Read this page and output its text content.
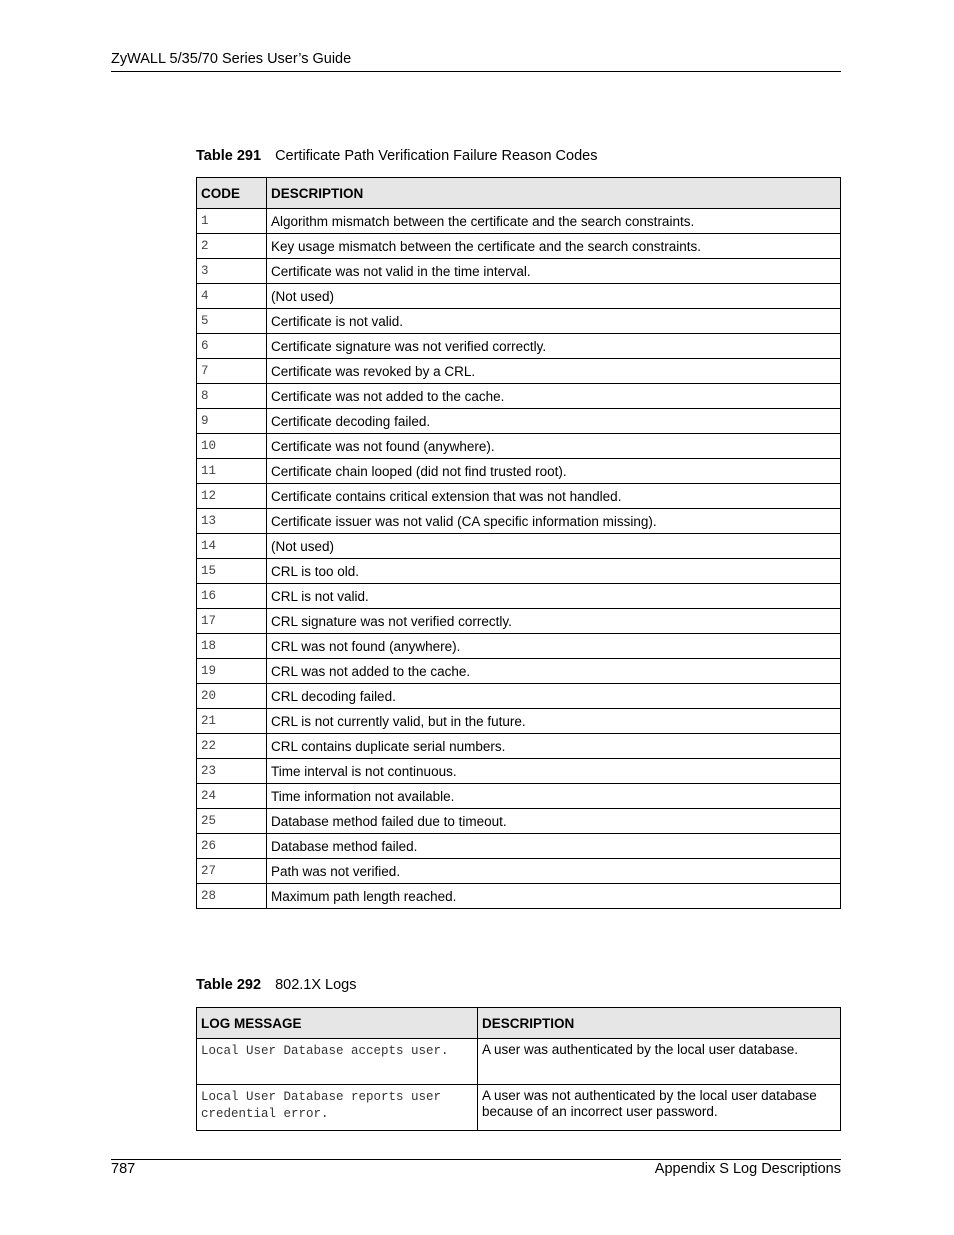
ZyWALL 5/35/70 Series User’s Guide
Table 291 Certificate Path Verification Failure Reason Codes
CODE	DESCRIPTION
1	Algorithm mismatch between the certificate and the search constraints.
2	Key usage mismatch between the certificate and the search constraints.
3	Certificate was not valid in the time interval.
4	(Not used)
5	Certificate is not valid.
6	Certificate signature was not verified correctly.
7	Certificate was revoked by a CRL.
8	Certificate was not added to the cache.
9	Certificate decoding failed.
10	Certificate was not found (anywhere).
11	Certificate chain looped (did not find trusted root).
12	Certificate contains critical extension that was not handled.
13	Certificate issuer was not valid (CA specific information missing).
14	(Not used)
15	CRL is too old.
16	CRL is not valid.
17	CRL signature was not verified correctly.
18	CRL was not found (anywhere).
19	CRL was not added to the cache.
20	CRL decoding failed.
21	CRL is not currently valid, but in the future.
22	CRL contains duplicate serial numbers.
23	Time interval is not continuous.
24	Time information not available.
25	Database method failed due to timeout.
26	Database method failed.
27	Path was not verified.
28	Maximum path length reached.
Table 292 802.1X Logs
LOG MESSAGE	DESCRIPTION
Local User Database accepts user.	A user was authenticated by the local user database.
Local User Database reports user credential error.	A user was not authenticated by the local user database because of an incorrect user password.
787	Appendix S Log Descriptions
